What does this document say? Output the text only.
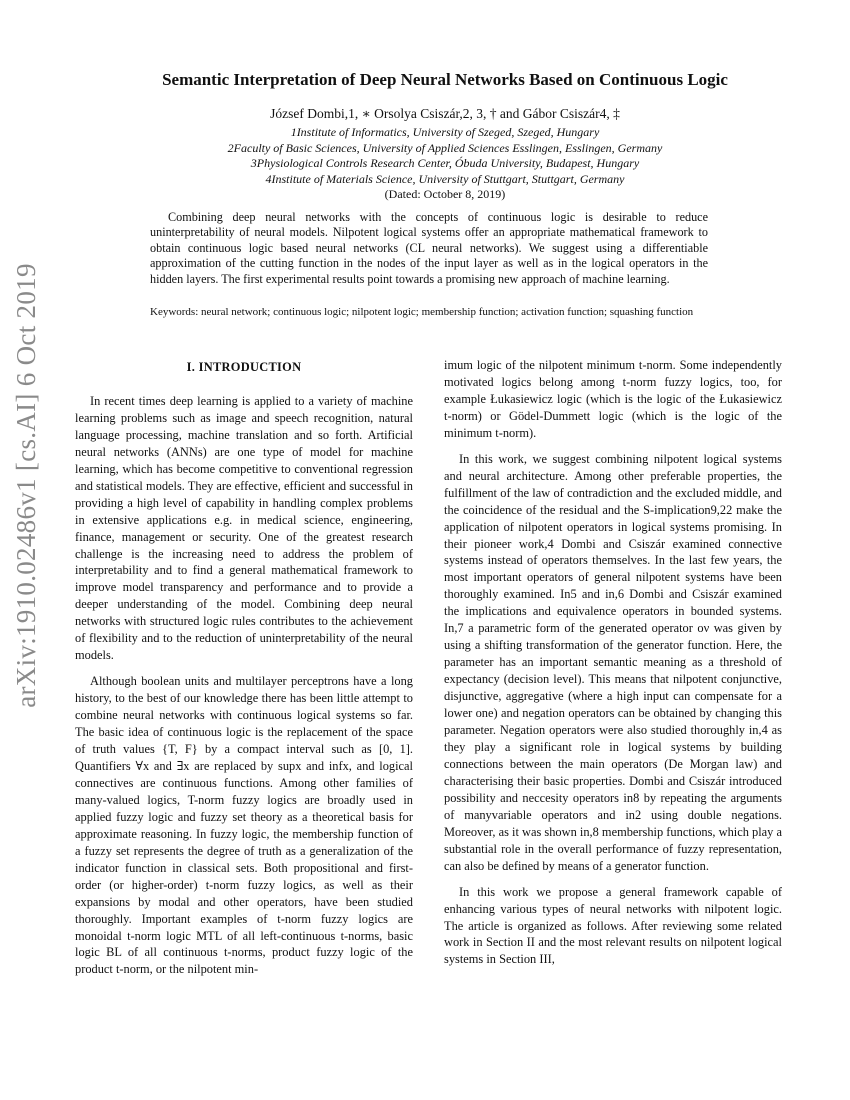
arXiv:1910.02486v1 [cs.AI] 6 Oct 2019
Semantic Interpretation of Deep Neural Networks Based on Continuous Logic
József Dombi,1, ∗ Orsolya Csiszár,2, 3, † and Gábor Csiszár4, ‡
1Institute of Informatics, University of Szeged, Szeged, Hungary
2Faculty of Basic Sciences, University of Applied Sciences Esslingen, Esslingen, Germany
3Physiological Controls Research Center, Óbuda University, Budapest, Hungary
4Institute of Materials Science, University of Stuttgart, Stuttgart, Germany
(Dated: October 8, 2019)

Combining deep neural networks with the concepts of continuous logic is desirable to reduce uninterpretability of neural models. Nilpotent logical systems offer an appropriate mathematical framework to obtain continuous logic based neural networks (CL neural networks). We suggest using a differentiable approximation of the cutting function in the nodes of the input layer as well as in the logical operators in the hidden layers. The first experimental results point towards a promising new approach of machine learning.

Keywords: neural network; continuous logic; nilpotent logic; membership function; activation function; squashing function
I. INTRODUCTION

In recent times deep learning is applied to a variety of machine learning problems such as image and speech recognition, natural language processing, machine translation and so forth. Artificial neural networks (ANNs) are one type of model for machine learning, which has become competitive to conventional regression and statistical models. They are effective, efficient and successful in providing a high level of capability in handling complex problems in extensive applications e.g. in medical science, engineering, finance, management or security. One of the greatest research challenge is the increasing need to address the problem of interpretability and to find a general mathematical framework to improve model transparency and performance and to provide a deeper understanding of the model. Combining deep neural networks with structured logic rules contributes to the achievement of flexibility and to the reduction of uninterpretability of the neural models.

Although boolean units and multilayer perceptrons have a long history, to the best of our knowledge there has been little attempt to combine neural networks with continuous logical systems so far. The basic idea of continuous logic is the replacement of the space of truth values {T, F} by a compact interval such as [0, 1]. Quantifiers ∀x and ∃x are replaced by supx and infx, and logical connectives are continuous functions. Among other families of many-valued logics, T-norm fuzzy logics are broadly used in applied fuzzy logic and fuzzy set theory as a theoretical basis for approximate reasoning. In fuzzy logic, the membership function of a fuzzy set represents the degree of truth as a generalization of the indicator function in classical sets. Both propositional and first-order (or higher-order) t-norm fuzzy logics, as well as their expansions by modal and other operators, have been studied thoroughly. Important examples of t-norm fuzzy logics are monoidal t-norm logic MTL of all left-continuous t-norms, basic logic BL of all continuous t-norms, product fuzzy logic of the product t-norm, or the nilpotent min-

imum logic of the nilpotent minimum t-norm. Some independently motivated logics belong among t-norm fuzzy logics, too, for example Łukasiewicz logic (which is the logic of the Łukasiewicz t-norm) or Gödel-Dummett logic (which is the logic of the minimum t-norm).

In this work, we suggest combining nilpotent logical systems and neural architecture. Among other preferable properties, the fulfillment of the law of contradiction and the excluded middle, and the coincidence of the residual and the S-implication9,22 make the application of nilpotent operators in logical systems promising. In their pioneer work,4 Dombi and Csiszár examined connective systems instead of operators themselves. In the last few years, the most important operators of general nilpotent systems have been thoroughly examined. In5 and in,6 Dombi and Csiszár examined the implications and equivalence operators in bounded systems. In,7 a parametric form of the generated operator oν was given by using a shifting transformation of the generator function. Here, the parameter has an important semantic meaning as a threshold of expectancy (decision level). This means that nilpotent conjunctive, disjunctive, aggregative (where a high input can compensate for a lower one) and negation operators can be obtained by changing this parameter. Negation operators were also studied thoroughly in,4 as they play a significant role in logical systems by building connections between the main operators (De Morgan law) and characterising their basic properties. Dombi and Csiszár introduced possibility and neccesity operators in8 by repeating the arguments of manyvariable operators and in2 using double negations. Moreover, as it was shown in,8 membership functions, which play a substantial role in the overall performance of fuzzy representation, can also be defined by means of a generator function.

In this work we propose a general framework capable of enhancing various types of neural networks with nilpotent logic. The article is organized as follows. After reviewing some related work in Section II and the most relevant results on nilpotent logical systems in Section III,
